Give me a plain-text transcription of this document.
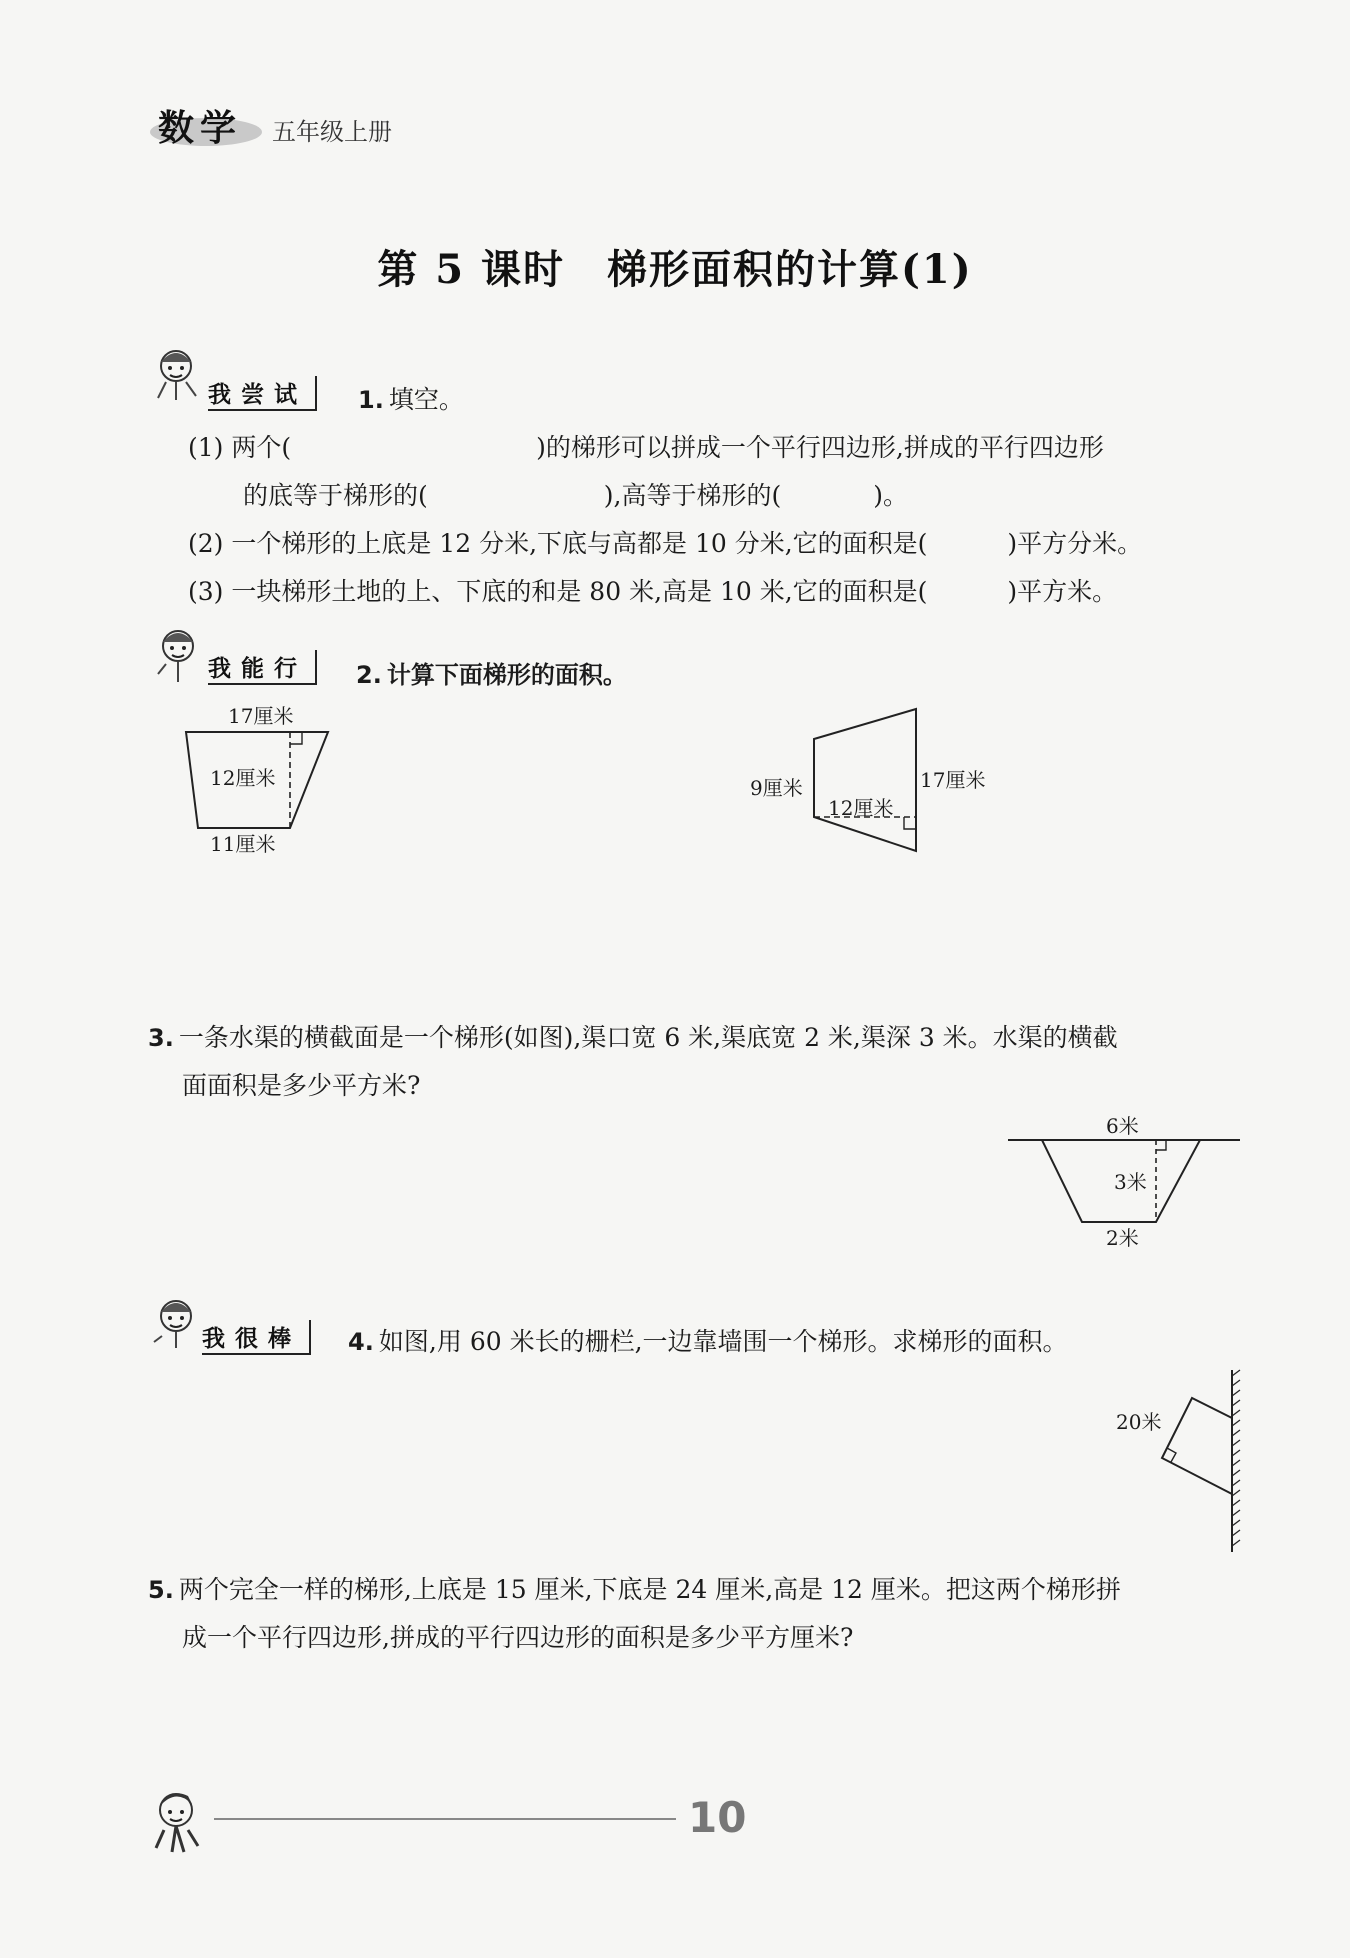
数学 五年级上册
第 5 课时　梯形面积的计算(1)
我尝试	1. 填空。
(1) 两个(	)的梯形可以拼成一个平行四边形,拼成的平行四边形
的底等于梯形的(	),高等于梯形的(	)。
(2) 一个梯形的上底是 12 分米,下底与高都是 10 分米,它的面积是(	)平方分米。
(3) 一块梯形土地的上、下底的和是 80 米,高是 10 米,它的面积是(	)平方米。
我能行	2. 计算下面梯形的面积。
17厘米
12厘米
11厘米
9厘米
12厘米
17厘米
3. 一条水渠的横截面是一个梯形(如图),渠口宽 6 米,渠底宽 2 米,渠深 3 米。水渠的横截
面面积是多少平方米?
6米
3米
2米
我很棒	4. 如图,用 60 米长的栅栏,一边靠墙围一个梯形。求梯形的面积。
20米
5. 两个完全一样的梯形,上底是 15 厘米,下底是 24 厘米,高是 12 厘米。把这两个梯形拼
成一个平行四边形,拼成的平行四边形的面积是多少平方厘米?
10
